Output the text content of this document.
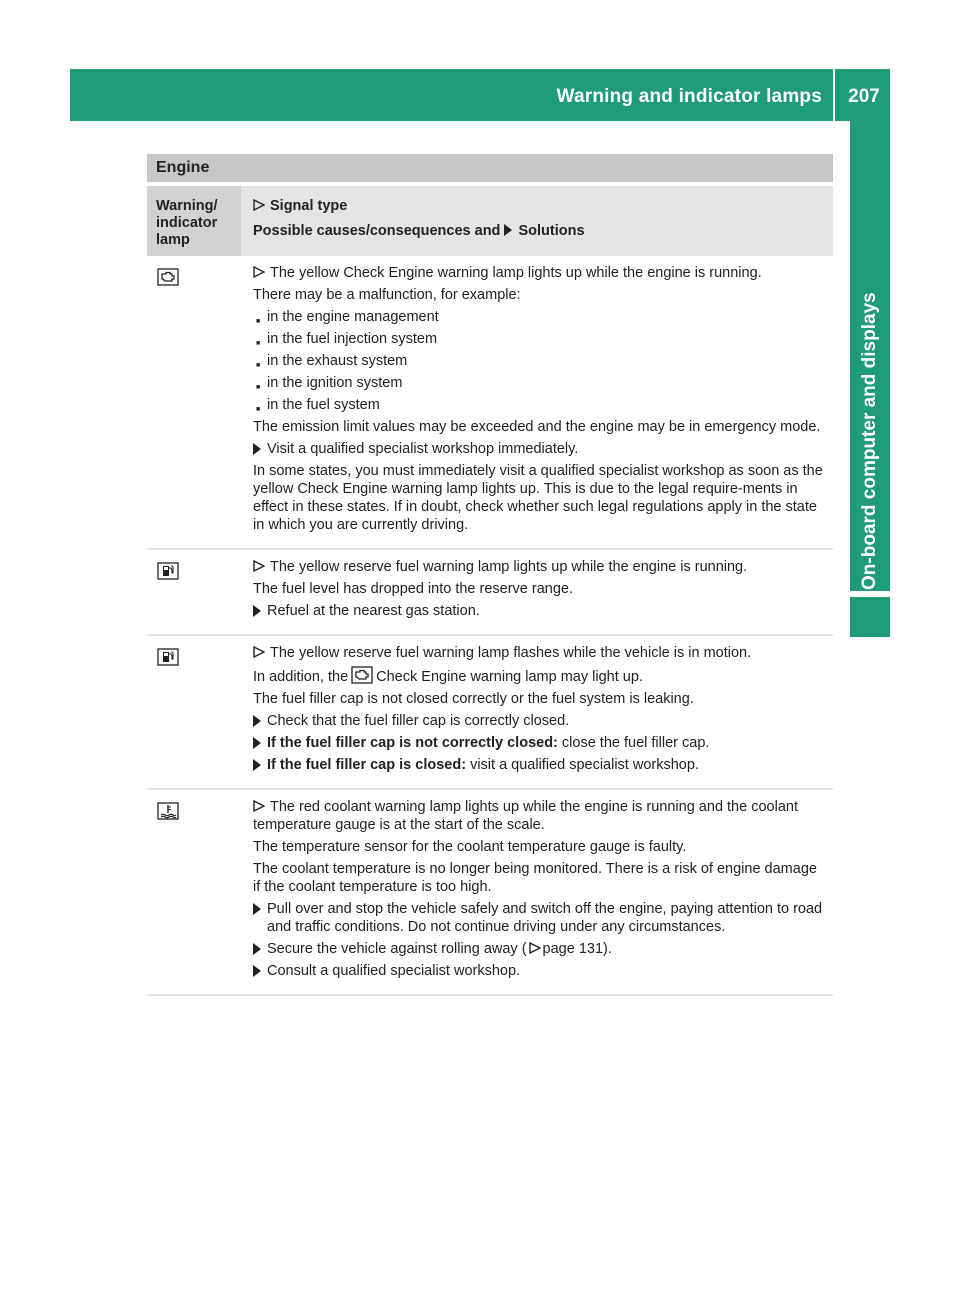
Warning and indicator lamps	207
On-board computer and displays
Engine
Warning/
indicator
lamp
Signal type
Possible causes/consequences and Solutions

The yellow Check Engine warning lamp lights up while the engine is running.

There may be a malfunction, for example:

■ in the engine management
■ in the fuel injection system
■ in the exhaust system
■ in the ignition system
■ in the fuel system

The emission limit values may be exceeded and the engine may be in emergency mode.

Visit a qualified specialist workshop immediately.

In some states, you must immediately visit a qualified specialist workshop as soon as the yellow Check Engine warning lamp lights up. This is due to the legal require-ments in effect in these states. If in doubt, check whether such legal regulations apply in the state in which you are currently driving.

The yellow reserve fuel warning lamp lights up while the engine is running.

The fuel level has dropped into the reserve range.

Refuel at the nearest gas station.

The yellow reserve fuel warning lamp flashes while the vehicle is in motion.

In addition, the Check Engine warning lamp may light up.

The fuel filler cap is not closed correctly or the fuel system is leaking.

Check that the fuel filler cap is correctly closed.

If the fuel filler cap is not correctly closed: close the fuel filler cap.

If the fuel filler cap is closed: visit a qualified specialist workshop.

The red coolant warning lamp lights up while the engine is running and the coolant temperature gauge is at the start of the scale.

The temperature sensor for the coolant temperature gauge is faulty.

The coolant temperature is no longer being monitored. There is a risk of engine damage if the coolant temperature is too high.

Pull over and stop the vehicle safely and switch off the engine, paying attention to road and traffic conditions. Do not continue driving under any circumstances.

Secure the vehicle against rolling away ( page 131).

Consult a qualified specialist workshop.
